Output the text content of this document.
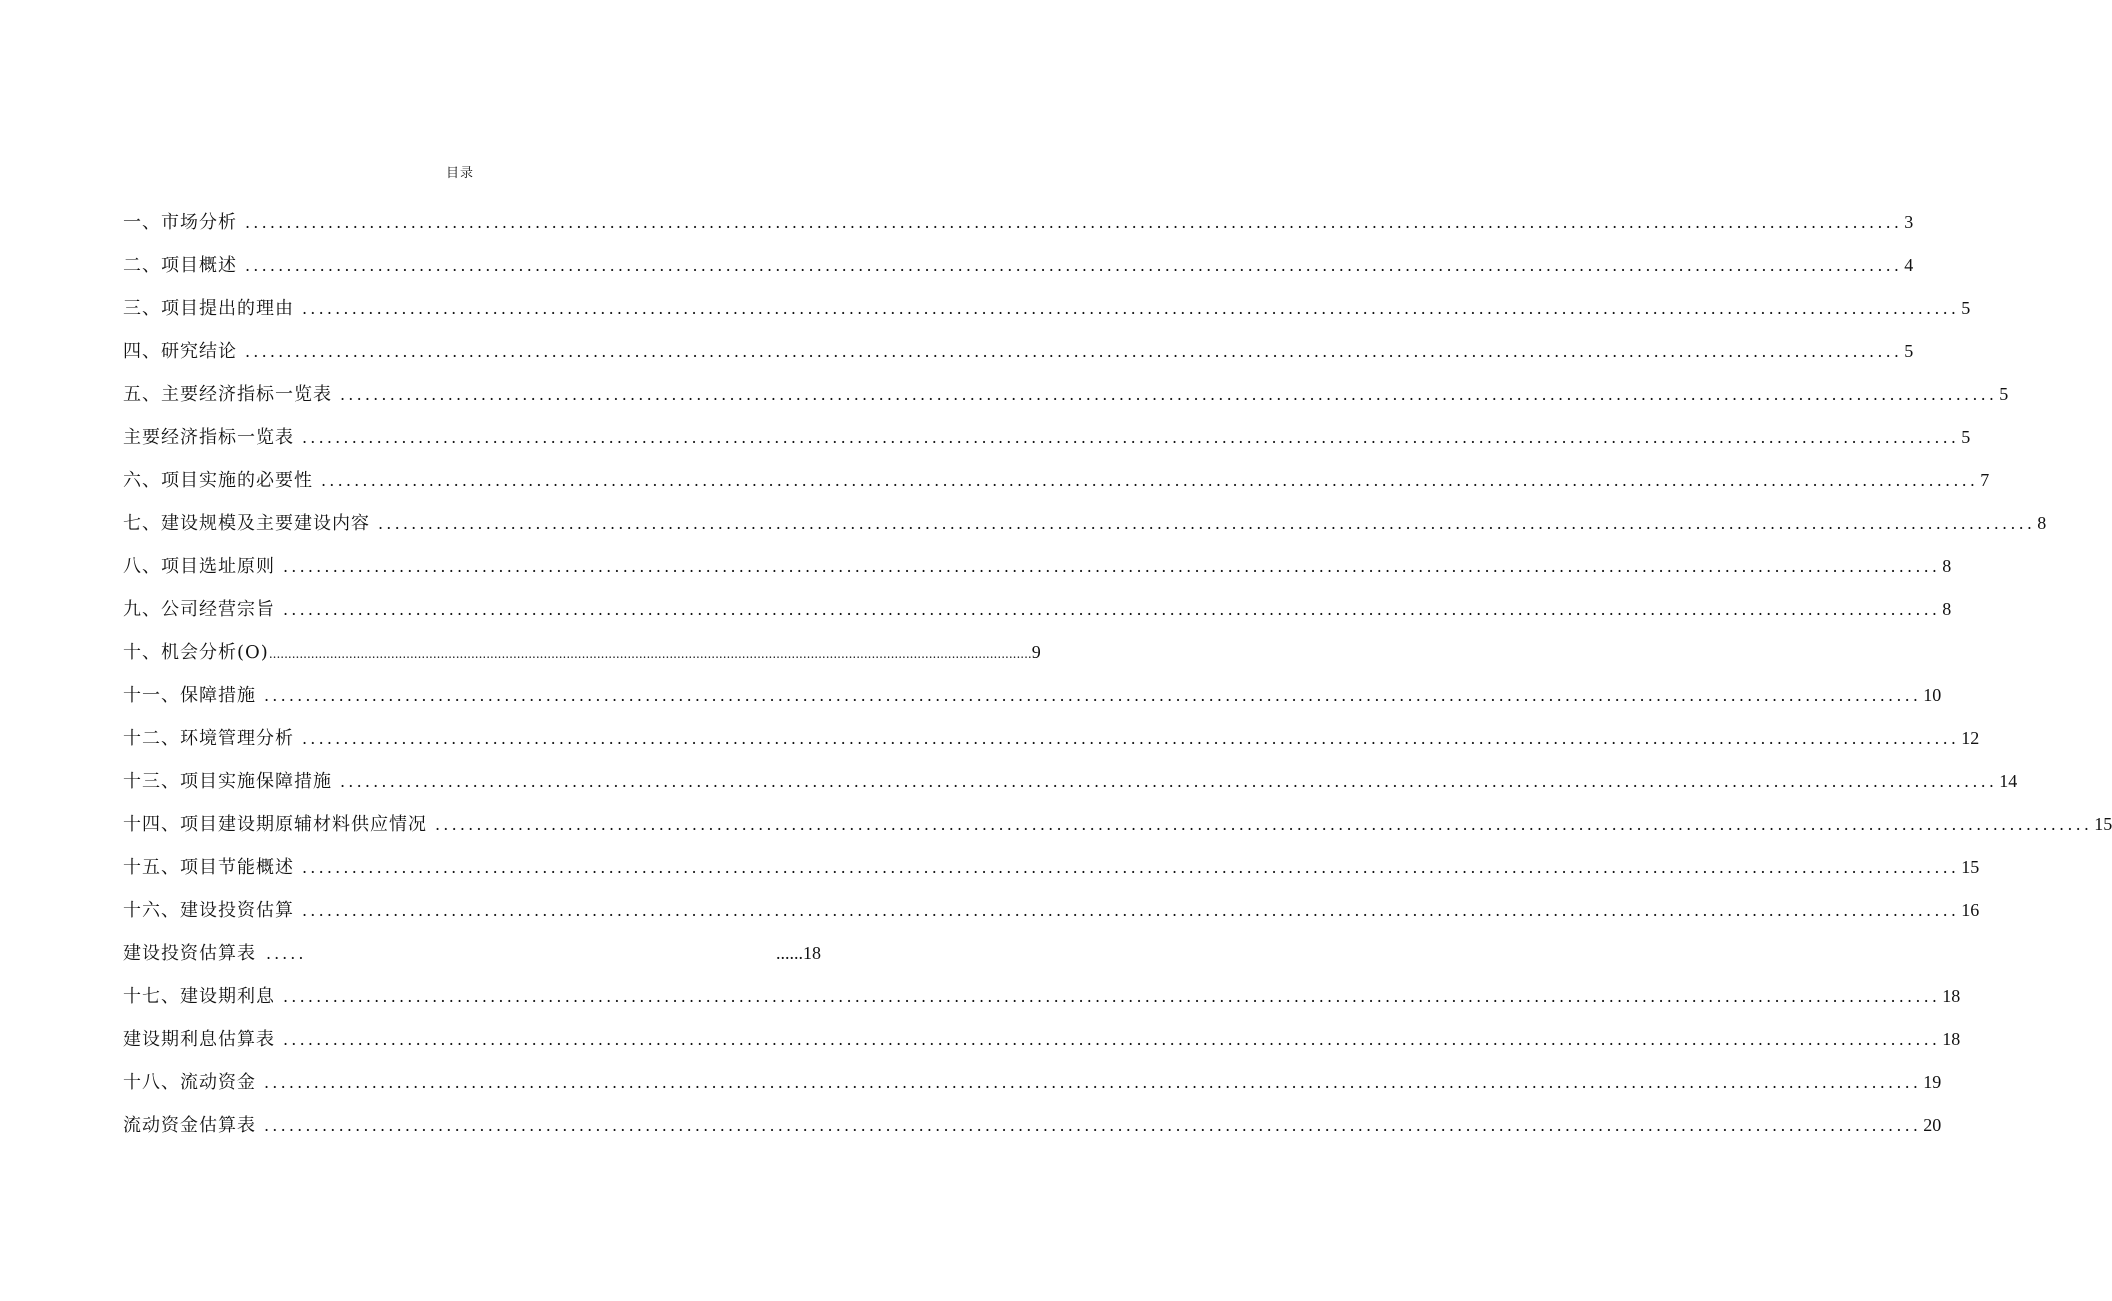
目录
一、市场分析 ........................................................................................................................................................................................................ 3
二、项目概述 ........................................................................................................................................................................................................ 4
三、项目提出的理由 ........................................................................................................................................................................................................ 5
四、研究结论 ........................................................................................................................................................................................................ 5
五、主要经济指标一览表 ........................................................................................................................................................................................................ 5
主要经济指标一览表 ........................................................................................................................................................................................................ 5
六、项目实施的必要性 ........................................................................................................................................................................................................ 7
七、建设规模及主要建设内容 ........................................................................................................................................................................................................ 8
八、项目选址原则 ........................................................................................................................................................................................................ 8
九、公司经营宗旨 ........................................................................................................................................................................................................ 8
十、机会分析(O) ........................................................................................................................................................................................................ 9
十一、保障措施 ........................................................................................................................................................................................................ 10
十二、环境管理分析 ........................................................................................................................................................................................................ 12
十三、项目实施保障措施 ........................................................................................................................................................................................................ 14
十四、项目建设期原辅材料供应情况 ........................................................................................................................................................................................................ 15
十五、项目节能概述 ........................................................................................................................................................................................................ 15
十六、建设投资估算 ........................................................................................................................................................................................................ 16
建设投资估算表 .....	......18
十七、建设期利息 ........................................................................................................................................................................................................ 18
建设期利息估算表 ........................................................................................................................................................................................................ 18
十八、流动资金 ........................................................................................................................................................................................................ 19
流动资金估算表 ........................................................................................................................................................................................................ 20
